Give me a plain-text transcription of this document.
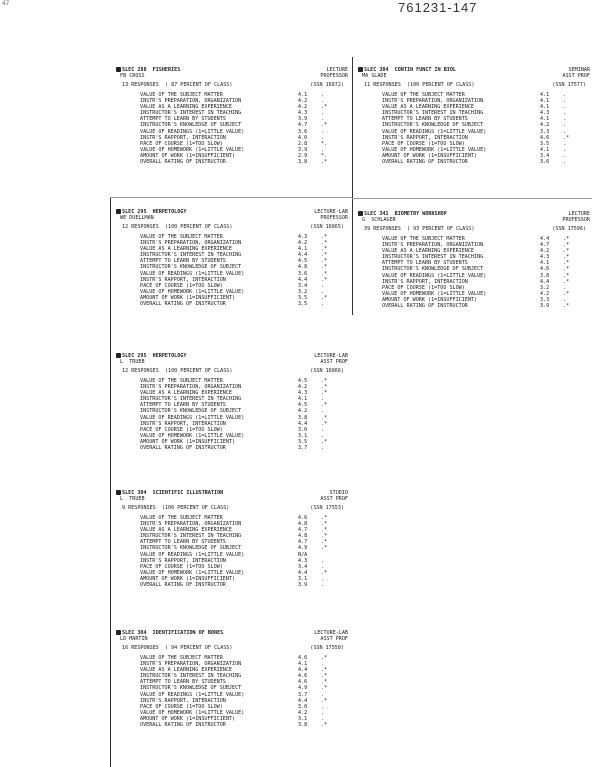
47	761231-147
SLEC 288  FISHERIES
FB CROSS
LECTURE
PROFESSOR
13 RESPONSES  ( 87 PERCENT OF CLASS)	(SSN 16872)
VALUE OF THE SUBJECT MATTER	4.1	.
INSTR'S PREPARATION, ORGANIZATION	4.2	.
VALUE AS A LEARNING EXPERIENCE	4.2	.*
INSTRUCTOR'S INTEREST IN TEACHING	4.3	.
ATTEMPT TO LEARN BY STUDENTS	3.9	.
INSTRUCTOR'S KNOWLEDGE OF SUBJECT	4.7	.*
VALUE OF READINGS (1=LITTLE VALUE)	3.6	.
INSTR'S RAPPORT, INTERACTION	4.0	.
PACE OF COURSE (1=TOO SLOW)	2.8	*.
VALUE OF HOMEWORK (1=LITTLE VALUE)	3.9	.
AMOUNT OF WORK (1=INSUFFICIENT)	2.9	*.
OVERALL RATING OF INSTRUCTOR	3.8	.*
SLEC 295  HERPETOLOGY
WE DUELLMAN
LECTURE-LAB
PROFESSOR
12 RESPONSES  (100 PERCENT OF CLASS)	(SSN 16865)
VALUE OF THE SUBJECT MATTER	4.3	.*
INSTR'S PREPARATION, ORGANIZATION	4.2	.*
VALUE AS A LEARNING EXPERIENCE	4.1	.*
INSTRUCTOR'S INTEREST IN TEACHING	4.4	.*
ATTEMPT TO LEARN BY STUDENTS	4.5	.*
INSTRUCTOR'S KNOWLEDGE OF SUBJECT	4.8	.*
VALUE OF READINGS (1=LITTLE VALUE)	3.6	.*
INSTR'S RAPPORT, INTERACTION	4.4	.*
PACE OF COURSE (1=TOO SLOW)	3.4	.
VALUE OF HOMEWORK (1=LITTLE VALUE)	3.2	.
AMOUNT OF WORK (1=INSUFFICIENT)	3.5	.*
OVERALL RATING OF INSTRUCTOR	3.5	.
SLEC 295  HERPETOLOGY
L  TRUEB
LECTURE-LAB
ASST PROF
12 RESPONSES  (100 PERCENT OF CLASS)	(SSN 16866)
VALUE OF THE SUBJECT MATTER	4.5	.*
INSTR'S PREPARATION, ORGANIZATION	4.2	.*
VALUE AS A LEARNING EXPERIENCE	4.3	.*
INSTRUCTOR'S INTEREST IN TEACHING	4.1	.
ATTEMPT TO LEARN BY STUDENTS	4.5	.*
INSTRUCTOR'S KNOWLEDGE OF SUBJECT	4.2	.
VALUE OF READINGS (1=LITTLE VALUE)	3.8	.*
INSTR'S RAPPORT, INTERACTION	4.4	.*
PACE OF COURSE (1=TOO SLOW)	3.0	.
VALUE OF HOMEWORK (1=LITTLE VALUE)	3.1	.
AMOUNT OF WORK (1=INSUFFICIENT)	3.5	.*
OVERALL RATING OF INSTRUCTOR	3.7	.
SLEC 304  SCIENTIFIC ILLUSTRATION
L  TRUEB
STUDIO
ASST PROF
9 RESPONSES  (100 PERCENT OF CLASS)	(SSN 17553)
VALUE OF THE SUBJECT MATTER	4.6	.*
INSTR'S PREPARATION, ORGANIZATION	4.8	.*
VALUE AS A LEARNING EXPERIENCE	4.7	.*
INSTRUCTOR'S INTEREST IN TEACHING	4.8	.*
ATTEMPT TO LEARN BY STUDENTS	4.7	.*
INSTRUCTOR'S KNOWLEDGE OF SUBJECT	4.9	.*
VALUE OF READINGS (1=LITTLE VALUE)	N/A
INSTR'S RAPPORT, INTERACTION	4.3	.
PACE OF COURSE (1=TOO SLOW)	3.4	.
VALUE OF HOMEWORK (1=LITTLE VALUE)	4.4	.*
AMOUNT OF WORK (1=INSUFFICIENT)	3.1	.
OVERALL RATING OF INSTRUCTOR	3.9	.
SLEC 304  IDENTIFICATION OF BONES
LD MARTIN
LECTURE-LAB
ASST PROF
16 RESPONSES  ( 94 PERCENT OF CLASS)	(SSN 17558)
VALUE OF THE SUBJECT MATTER	4.6	.*
INSTR'S PREPARATION, ORGANIZATION	4.1	.
VALUE AS A LEARNING EXPERIENCE	4.4	.*
INSTRUCTOR'S INTEREST IN TEACHING	4.6	.*
ATTEMPT TO LEARN BY STUDENTS	4.6	.*
INSTRUCTOR'S KNOWLEDGE OF SUBJECT	4.9	.*
VALUE OF READINGS (1=LITTLE VALUE)	3.7	.
INSTR'S RAPPORT, INTERACTION	4.4	.*
PACE OF COURSE (1=TOO SLOW)	3.0	.
VALUE OF HOMEWORK (1=LITTLE VALUE)	4.2	.
AMOUNT OF WORK (1=INSUFFICIENT)	3.1	.
OVERALL RATING OF INSTRUCTOR	3.8	.*
SLEC 304  CONTIN FUNCT IN BIOL
MA SLADE
SEMINAR
ASST PROF
11 RESPONSES  (100 PERCENT OF CLASS)	(SSN 17577)
VALUE OF THE SUBJECT MATTER	4.1	.
INSTR'S PREPARATION, ORGANIZATION	4.1	.
VALUE AS A LEARNING EXPERIENCE	4.1	.
INSTRUCTOR'S INTEREST IN TEACHING	4.3	.
ATTEMPT TO LEARN BY STUDENTS	4.1	.
INSTRUCTOR'S KNOWLEDGE OF SUBJECT	4.2	.
VALUE OF READINGS (1=LITTLE VALUE)	3.3	.
INSTR'S RAPPORT, INTERACTION	4.6	.*
PACE OF COURSE (1=TOO SLOW)	3.5	.
VALUE OF HOMEWORK (1=LITTLE VALUE)	4.1	.
AMOUNT OF WORK (1=INSUFFICIENT)	3.4	.
OVERALL RATING OF INSTRUCTOR	3.6	.
SLEC 341  BIOMETRY WORKSHOP
G  SCHLAGER
LECTURE
PROFESSOR
39 RESPONSES  ( 93 PERCENT OF CLASS)	(SSN 17596)
VALUE OF THE SUBJECT MATTER	4.4	.*
INSTR'S PREPARATION, ORGANIZATION	4.7	.*
VALUE AS A LEARNING EXPERIENCE	4.2	.*
INSTRUCTOR'S INTEREST IN TEACHING	4.3	.*
ATTEMPT TO LEARN BY STUDENTS	4.1	.*
INSTRUCTOR'S KNOWLEDGE OF SUBJECT	4.6	.*
VALUE OF READINGS (1=LITTLE VALUE)	3.8	.*
INSTR'S RAPPORT, INTERACTION	4.4	.*
PACE OF COURSE (1=TOO SLOW)	3.2	.
VALUE OF HOMEWORK (1=LITTLE VALUE)	4.2	.*
AMOUNT OF WORK (1=INSUFFICIENT)	3.3	.
OVERALL RATING OF INSTRUCTOR	3.9	.*
